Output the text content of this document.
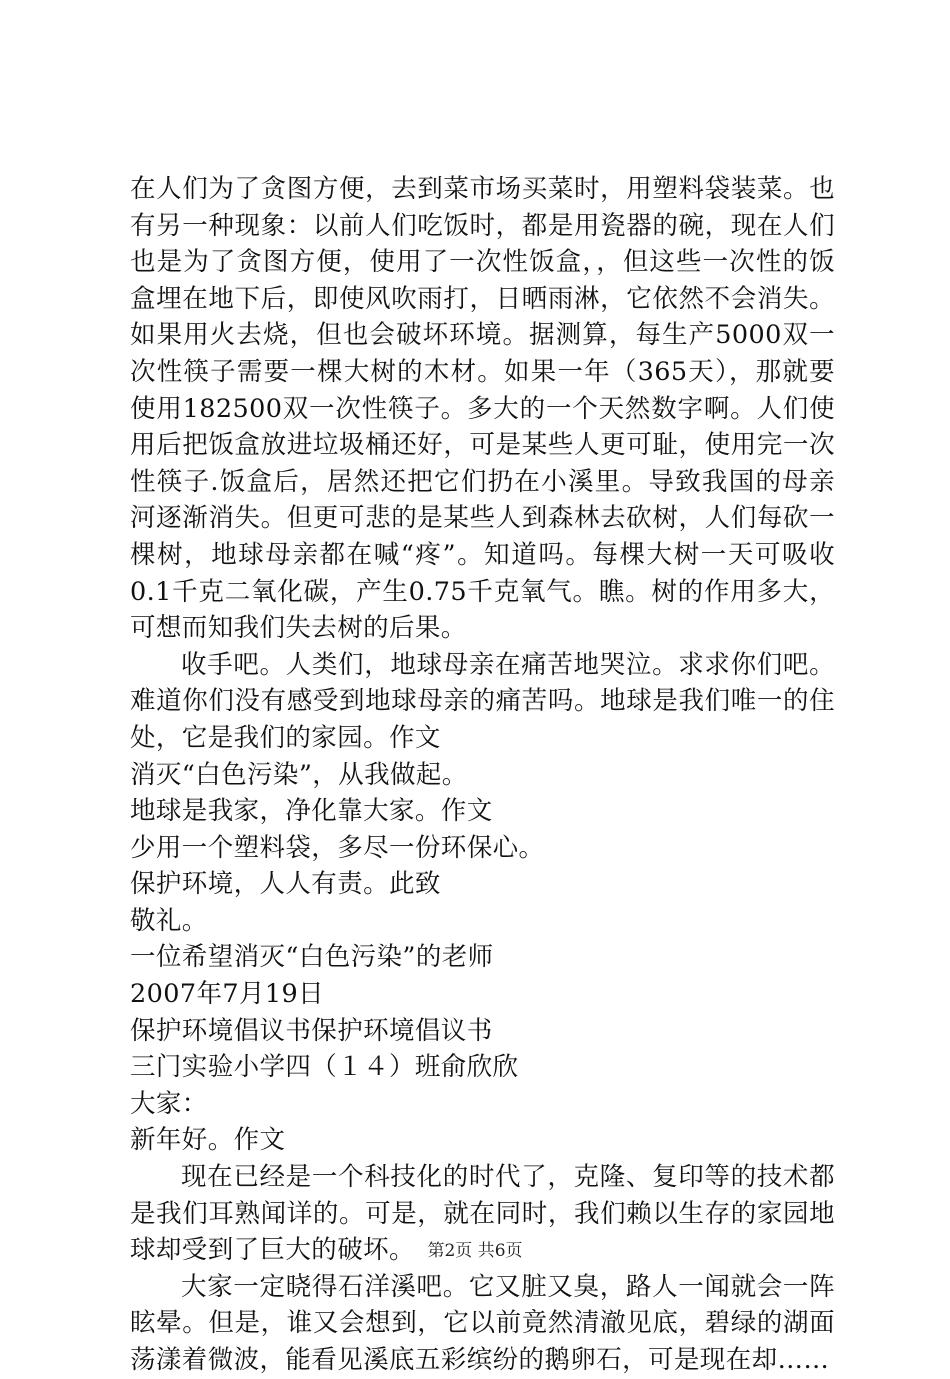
在人们为了贪图方便，去到菜市场买菜时，用塑料袋装菜。也有另一种现象：以前人们吃饭时，都是用瓷器的碗，现在人们也是为了贪图方便，使用了一次性饭盒，，但这些一次性的饭盒埋在地下后，即使风吹雨打，日晒雨淋，它依然不会消失。如果用火去烧，但也会破坏环境。据测算，每生产5000双一次性筷子需要一棵大树的木材。如果一年（365天），那就要使用182500双一次性筷子。多大的一个天然数字啊。人们使用后把饭盒放进垃圾桶还好，可是某些人更可耻，使用完一次性筷子.饭盒后，居然还把它们扔在小溪里。导致我国的母亲河逐渐消失。但更可悲的是某些人到森林去砍树，人们每砍一棵树，地球母亲都在喊“疼”。知道吗。每棵大树一天可吸收0.1千克二氧化碳，产生0.75千克氧气。瞧。树的作用多大，可想而知我们失去树的后果。

收手吧。人类们，地球母亲在痛苦地哭泣。求求你们吧。难道你们没有感受到地球母亲的痛苦吗。地球是我们唯一的住处，它是我们的家园。作文

消灭“白色污染”，从我做起。

地球是我家，净化靠大家。作文

少用一个塑料袋，多尽一份环保心。

保护环境，人人有责。此致

敬礼。

一位希望消灭“白色污染”的老师

2007年7月19日

保护环境倡议书保护环境倡议书

三门实验小学四（１４）班俞欣欣

大家：

新年好。作文

现在已经是一个科技化的时代了，克隆、复印等的技术都是我们耳熟闻详的。可是，就在同时，我们赖以生存的家园地球却受到了巨大的破坏。

大家一定晓得石洋溪吧。它又脏又臭，路人一闻就会一阵眩晕。但是，谁又会想到，它以前竟然清澈见底，碧绿的湖面荡漾着微波，能看见溪底五彩缤纷的鹅卵石，可是现在却……

第2页 共6页
